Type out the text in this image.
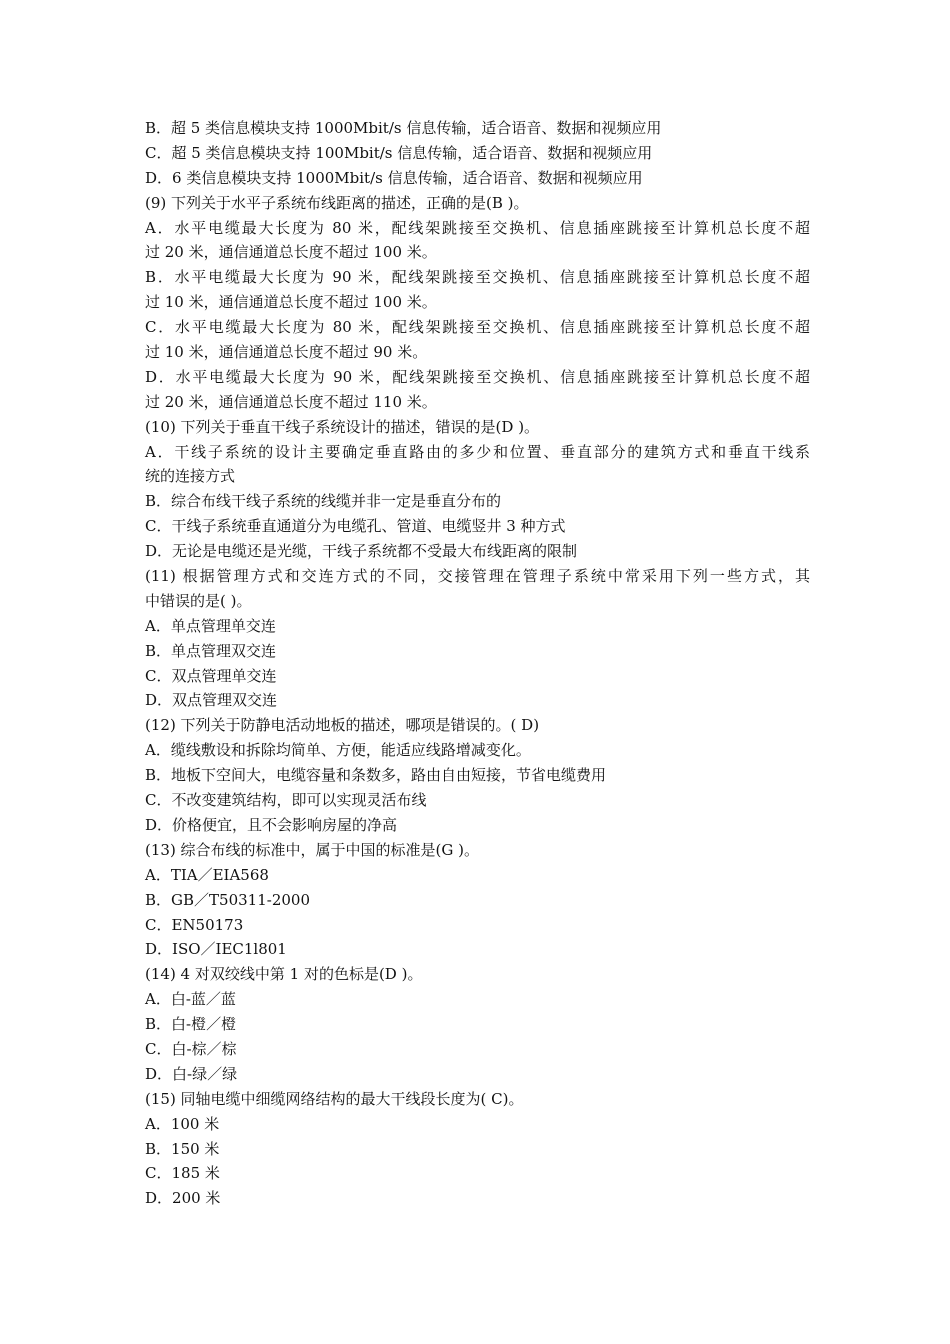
B．超 5 类信息模块支持 1000Mbit/s 信息传输，适合语音、数据和视频应用
C．超 5 类信息模块支持 100Mbit/s 信息传输，适合语音、数据和视频应用
D．6 类信息模块支持 1000Mbit/s 信息传输，适合语音、数据和视频应用
(9) 下列关于水平子系统布线距离的描述，正确的是(B )。
A．水平电缆最大长度为 80 米，配线架跳接至交换机、信息插座跳接至计算机总长度不超
过 20 米，通信通道总长度不超过 100 米。
B．水平电缆最大长度为 90 米，配线架跳接至交换机、信息插座跳接至计算机总长度不超
过 10 米，通信通道总长度不超过 100 米。
C．水平电缆最大长度为 80 米，配线架跳接至交换机、信息插座跳接至计算机总长度不超
过 10 米，通信通道总长度不超过 90 米。
D．水平电缆最大长度为 90 米，配线架跳接至交换机、信息插座跳接至计算机总长度不超
过 20 米，通信通道总长度不超过 110 米。
(10) 下列关于垂直干线子系统设计的描述，错误的是(D )。
A．干线子系统的设计主要确定垂直路由的多少和位置、垂直部分的建筑方式和垂直干线系
统的连接方式
B．综合布线干线子系统的线缆并非一定是垂直分布的
C．干线子系统垂直通道分为电缆孔、管道、电缆竖井 3 种方式
D．无论是电缆还是光缆，干线子系统都不受最大布线距离的限制
(11) 根据管理方式和交连方式的不同，交接管理在管理子系统中常采用下列一些方式，其
中错误的是( )。
A．单点管理单交连
B．单点管理双交连
C．双点管理单交连
D．双点管理双交连
(12) 下列关于防静电活动地板的描述，哪项是错误的。( D)
A．缆线敷设和拆除均简单、方便，能适应线路增减变化。
B．地板下空间大，电缆容量和条数多，路由自由短接，节省电缆费用
C．不改变建筑结构，即可以实现灵活布线
D．价格便宜，且不会影响房屋的净高
(13) 综合布线的标准中，属于中国的标准是(G )。
A．TIA／EIA568
B．GB／T50311-2000
C．EN50173
D．ISO／IEC1l801
(14) 4 对双绞线中第 1 对的色标是(D )。
A．白-蓝／蓝
B．白-橙／橙
C．白-棕／棕
D．白-绿／绿
(15) 同轴电缆中细缆网络结构的最大干线段长度为( C)。
A．100 米
B．150 米
C．185 米
D．200 米
